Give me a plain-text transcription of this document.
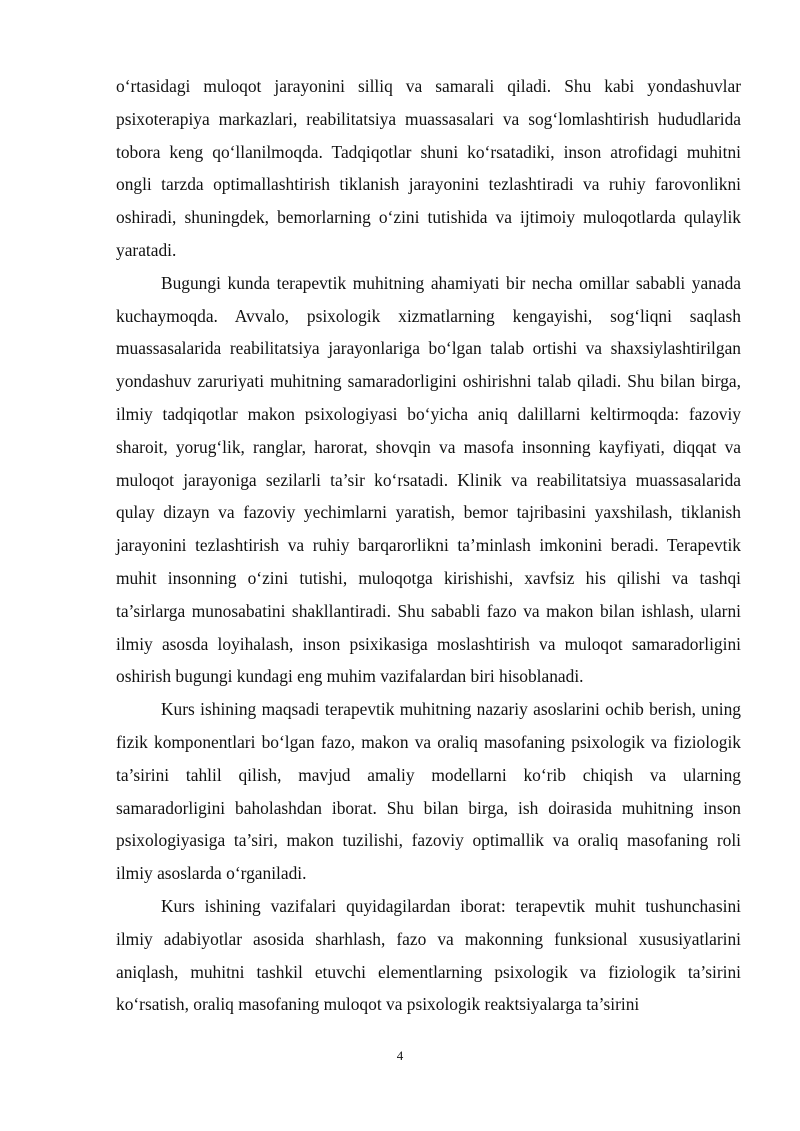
o‘rtasidagi muloqot jarayonini silliq va samarali qiladi. Shu kabi yondashuvlar psixoterapiya markazlari, reabilitatsiya muassasalari va sog‘lomlashtirish hududlarida tobora keng qo‘llanilmoqda. Tadqiqotlar shuni ko‘rsatadiki, inson atrofidagi muhitni ongli tarzda optimallashtirish tiklanish jarayonini tezlashtiradi va ruhiy farovonlikni oshiradi, shuningdek, bemorlarning o‘zini tutishida va ijtimoiy muloqotlarda qulaylik yaratadi.

Bugungi kunda terapevtik muhitning ahamiyati bir necha omillar sababli yanada kuchaymoqda. Avvalo, psixologik xizmatlarning kengayishi, sog‘liqni saqlash muassasalarida reabilitatsiya jarayonlariga bo‘lgan talab ortishi va shaxsiylashtirilgan yondashuv zaruriyati muhitning samaradorligini oshirishni talab qiladi. Shu bilan birga, ilmiy tadqiqotlar makon psixologiyasi bo‘yicha aniq dalillarni keltirmoqda: fazoviy sharoit, yorug‘lik, ranglar, harorat, shovqin va masofa insonning kayfiyati, diqqat va muloqot jarayoniga sezilarli ta’sir ko‘rsatadi. Klinik va reabilitatsiya muassasalarida qulay dizayn va fazoviy yechimlarni yaratish, bemor tajribasini yaxshilash, tiklanish jarayonini tezlashtirish va ruhiy barqarorlikni ta’minlash imkonini beradi. Terapevtik muhit insonning o‘zini tutishi, muloqotga kirishishi, xavfsiz his qilishi va tashqi ta’sirlarga munosabatini shakllantiradi. Shu sababli fazo va makon bilan ishlash, ularni ilmiy asosda loyihalash, inson psixikasiga moslashtirish va muloqot samaradorligini oshirish bugungi kundagi eng muhim vazifalardan biri hisoblanadi.

Kurs ishining maqsadi terapevtik muhitning nazariy asoslarini ochib berish, uning fizik komponentlari bo‘lgan fazo, makon va oraliq masofaning psixologik va fiziologik ta’sirini tahlil qilish, mavjud amaliy modellarni ko‘rib chiqish va ularning samaradorligini baholashdan iborat. Shu bilan birga, ish doirasida muhitning inson psixologiyasiga ta’siri, makon tuzilishi, fazoviy optimallik va oraliq masofaning roli ilmiy asoslarda o‘rganiladi.

Kurs ishining vazifalari quyidagilardan iborat: terapevtik muhit tushunchasini ilmiy adabiyotlar asosida sharhlash, fazo va makonning funksional xususiyatlarini aniqlash, muhitni tashkil etuvchi elementlarning psixologik va fiziologik ta’sirini ko‘rsatish, oraliq masofaning muloqot va psixologik reaktsiyalarga ta’sirini

4
